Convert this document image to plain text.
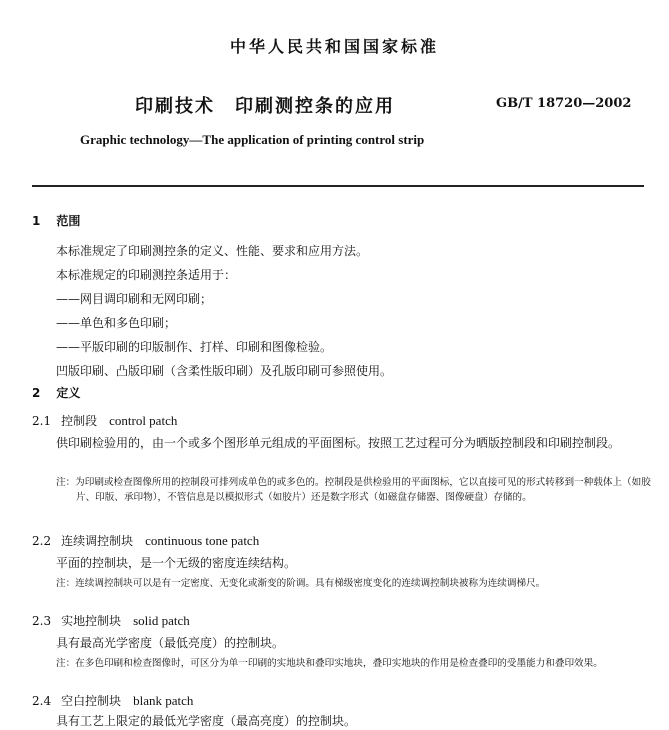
中华人民共和国国家标准
印刷技术　印刷测控条的应用	GB/T 18720—2002
Graphic technology—The application of printing control strip
1 范围
本标准规定了印刷测控条的定义、性能、要求和应用方法。
本标准规定的印刷测控条适用于：
——网目调印刷和无网印刷；
——单色和多色印刷；
——平版印刷的印版制作、打样、印刷和图像检验。
凹版印刷、凸版印刷（含柔性版印刷）及孔版印刷可参照使用。
2 定义
2.1 控制段 control patch
供印刷检验用的，由一个或多个图形单元组成的平面图标。按照工艺过程可分为晒版控制段和印刷控制段。
注：为印刷或检查图像所用的控制段可排列成单色的或多色的。控制段是供检验用的平面图标，它以直接可见的形式转移到一种载体上（如胶片、印版、承印物），不管信息是以模拟形式（如胶片）还是数字形式（如磁盘存储器、图像硬盘）存储的。
2.2 连续调控制块 continuous tone patch
平面的控制块，是一个无级的密度连续结构。
注：连续调控制块可以是有一定密度、无变化或渐变的阶调。具有梯级密度变化的连续调控制块被称为连续调梯尺。
2.3 实地控制块 solid patch
具有最高光学密度（最低亮度）的控制块。
注：在多色印刷和检查图像时，可区分为单一印刷的实地块和叠印实地块，叠印实地块的作用是检查叠印的受墨能力和叠印效果。
2.4 空白控制块 blank patch
具有工艺上限定的最低光学密度（最高亮度）的控制块。
